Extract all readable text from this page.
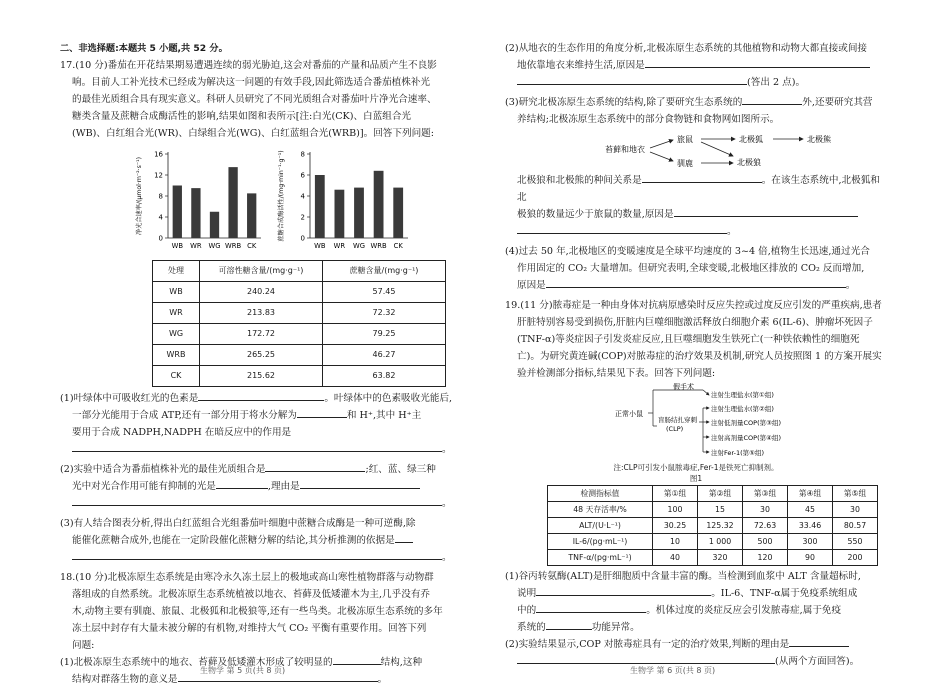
二、非选择题:本题共 5 小题,共 52 分。

17.(10 分)番茄在开花结果期易遭遇连续的弱光胁迫,这会对番茄的产量和品质产生不良影

响。目前人工补光技术已经成为解决这一问题的有效手段,因此筛选适合番茄植株补光

的最佳光质组合具有现实意义。科研人员研究了不同光质组合对番茄叶片净光合速率、

糖类含量及蔗糖合成酶活性的影响,结果如图和表所示[注:白光(CK)、白蓝组合光

(WB)、白红组合光(WR)、白绿组合光(WG)、白红蓝组合光(WRB)]。回答下列问题:

净光合速率/(μmol·m⁻²·s⁻¹)
0
4
8
12
16
WB WR WG WRB CK
蔗糖合成酶活性/(mg·min⁻¹·g⁻¹) 0
2
4
6
8
WB WR WG WRB CK
处理	可溶性糖含量/(mg·g⁻¹)	蔗糖含量/(mg·g⁻¹)
WB	240.24	57.45
WR	213.83	72.32
WG	172.72	79.25
WRB	265.25	46.27
CK	215.62	63.82

(1)叶绿体中可吸收红光的色素是	。叶绿体中的色素吸收光能后,

一部分光能用于合成 ATP,还有一部分用于将水分解为	和 H⁺,其中 H⁺主

要用于合成 NADPH,NADPH 在暗反应中的作用是

。

(2)实验中适合为番茄植株补光的最佳光质组合是	;红、蓝、绿三种

光中对光合作用可能有抑制的光是	,理由是

。

(3)有人结合图表分析,得出白红蓝组合光组番茄叶细胞中蔗糖合成酶是一种可逆酶,除

能催化蔗糖合成外,也能在一定阶段催化蔗糖分解的结论,其分析推测的依据是

。

18.(10 分)北极冻原生态系统是由寒冷永久冻土层上的极地或高山寒性植物群落与动物群

落组成的自然系统。北极冻原生态系统植被以地衣、苔藓及低矮灌木为主,几乎没有乔

木,动物主要有驯鹿、旅鼠、北极狐和北极狼等,还有一些鸟类。北极冻原生态系统的多年

冻土层中封存有大量未被分解的有机物,对维持大气 CO₂ 平衡有重要作用。回答下列

问题:

(1)北极冻原生态系统中的地衣、苔藓及低矮灌木形成了较明显的	结构,这种

结构对群落生物的意义是	。

生物学 第 5 页(共 8 页)

(2)从地衣的生态作用的角度分析,北极冻原生态系统的其他植物和动物大都直接或间接

地依靠地衣来维持生活,原因是

(答出 2 点)。

(3)研究北极冻原生态系统的结构,除了要研究生态系统的	外,还要研究其营

养结构;北极冻原生态系统中的部分食物链和食物网如图所示。

苔藓和地衣
旅鼠
驯鹿
北极狐
北极狼
北极熊

北极狼和北极熊的种间关系是	。在该生态系统中,北极狐和北

极狼的数量远少于旅鼠的数量,原因是

。

(4)过去 50 年,北极地区的变暖速度是全球平均速度的 3~4 倍,植物生长迅速,通过光合

作用固定的 CO₂ 大量增加。但研究表明,全球变暖,北极地区排放的 CO₂ 反而增加,

原因是	。

19.(11 分)脓毒症是一种由身体对抗病原感染时反应失控或过度反应引发的严重疾病,患者

肝脏特别容易受到损伤,肝脏内巨噬细胞激活释放白细胞介素 6(IL-6)、肿瘤坏死因子

(TNF-α)等炎症因子引发炎症反应,且巨噬细胞发生铁死亡(一种铁依赖性的细胞死

亡)。为研究黄连碱(COP)对脓毒症的治疗效果及机制,研究人员按照图 1 的方案开展实

验并检测部分指标,结果见下表。回答下列问题:

正常小鼠
假手术
盲肠结扎穿刺
(CLP)
注射生理盐水(第①组)
注射生理盐水(第②组)
注射低剂量COP(第③组)
注射高剂量COP(第④组)
注射Fer-1(第⑤组)

注:CLP可引发小鼠脓毒症,Fer-1是铁死亡抑制剂。

图1

检测指标值	第①组	第②组	第③组	第④组	第⑤组
48 天存活率/%	100	15	30	45	30
ALT/(U·L⁻¹)	30.25	125.32	72.63	33.46	80.57
IL-6/(pg·mL⁻¹)	10	1 000	500	300	550
TNF-α/(pg·mL⁻¹)	40	320	120	90	200

(1)谷丙转氨酶(ALT)是肝细胞质中含量丰富的酶。当检测到血浆中 ALT 含量超标时,

说明	。IL-6、TNF-α属于免疫系统组成

中的	。机体过度的炎症反应会引发脓毒症,属于免疫

系统的	功能异常。

(2)实验结果显示,COP 对脓毒症具有一定的治疗效果,判断的理由是

(从两个方面回答)。

生物学 第 6 页(共 8 页)
